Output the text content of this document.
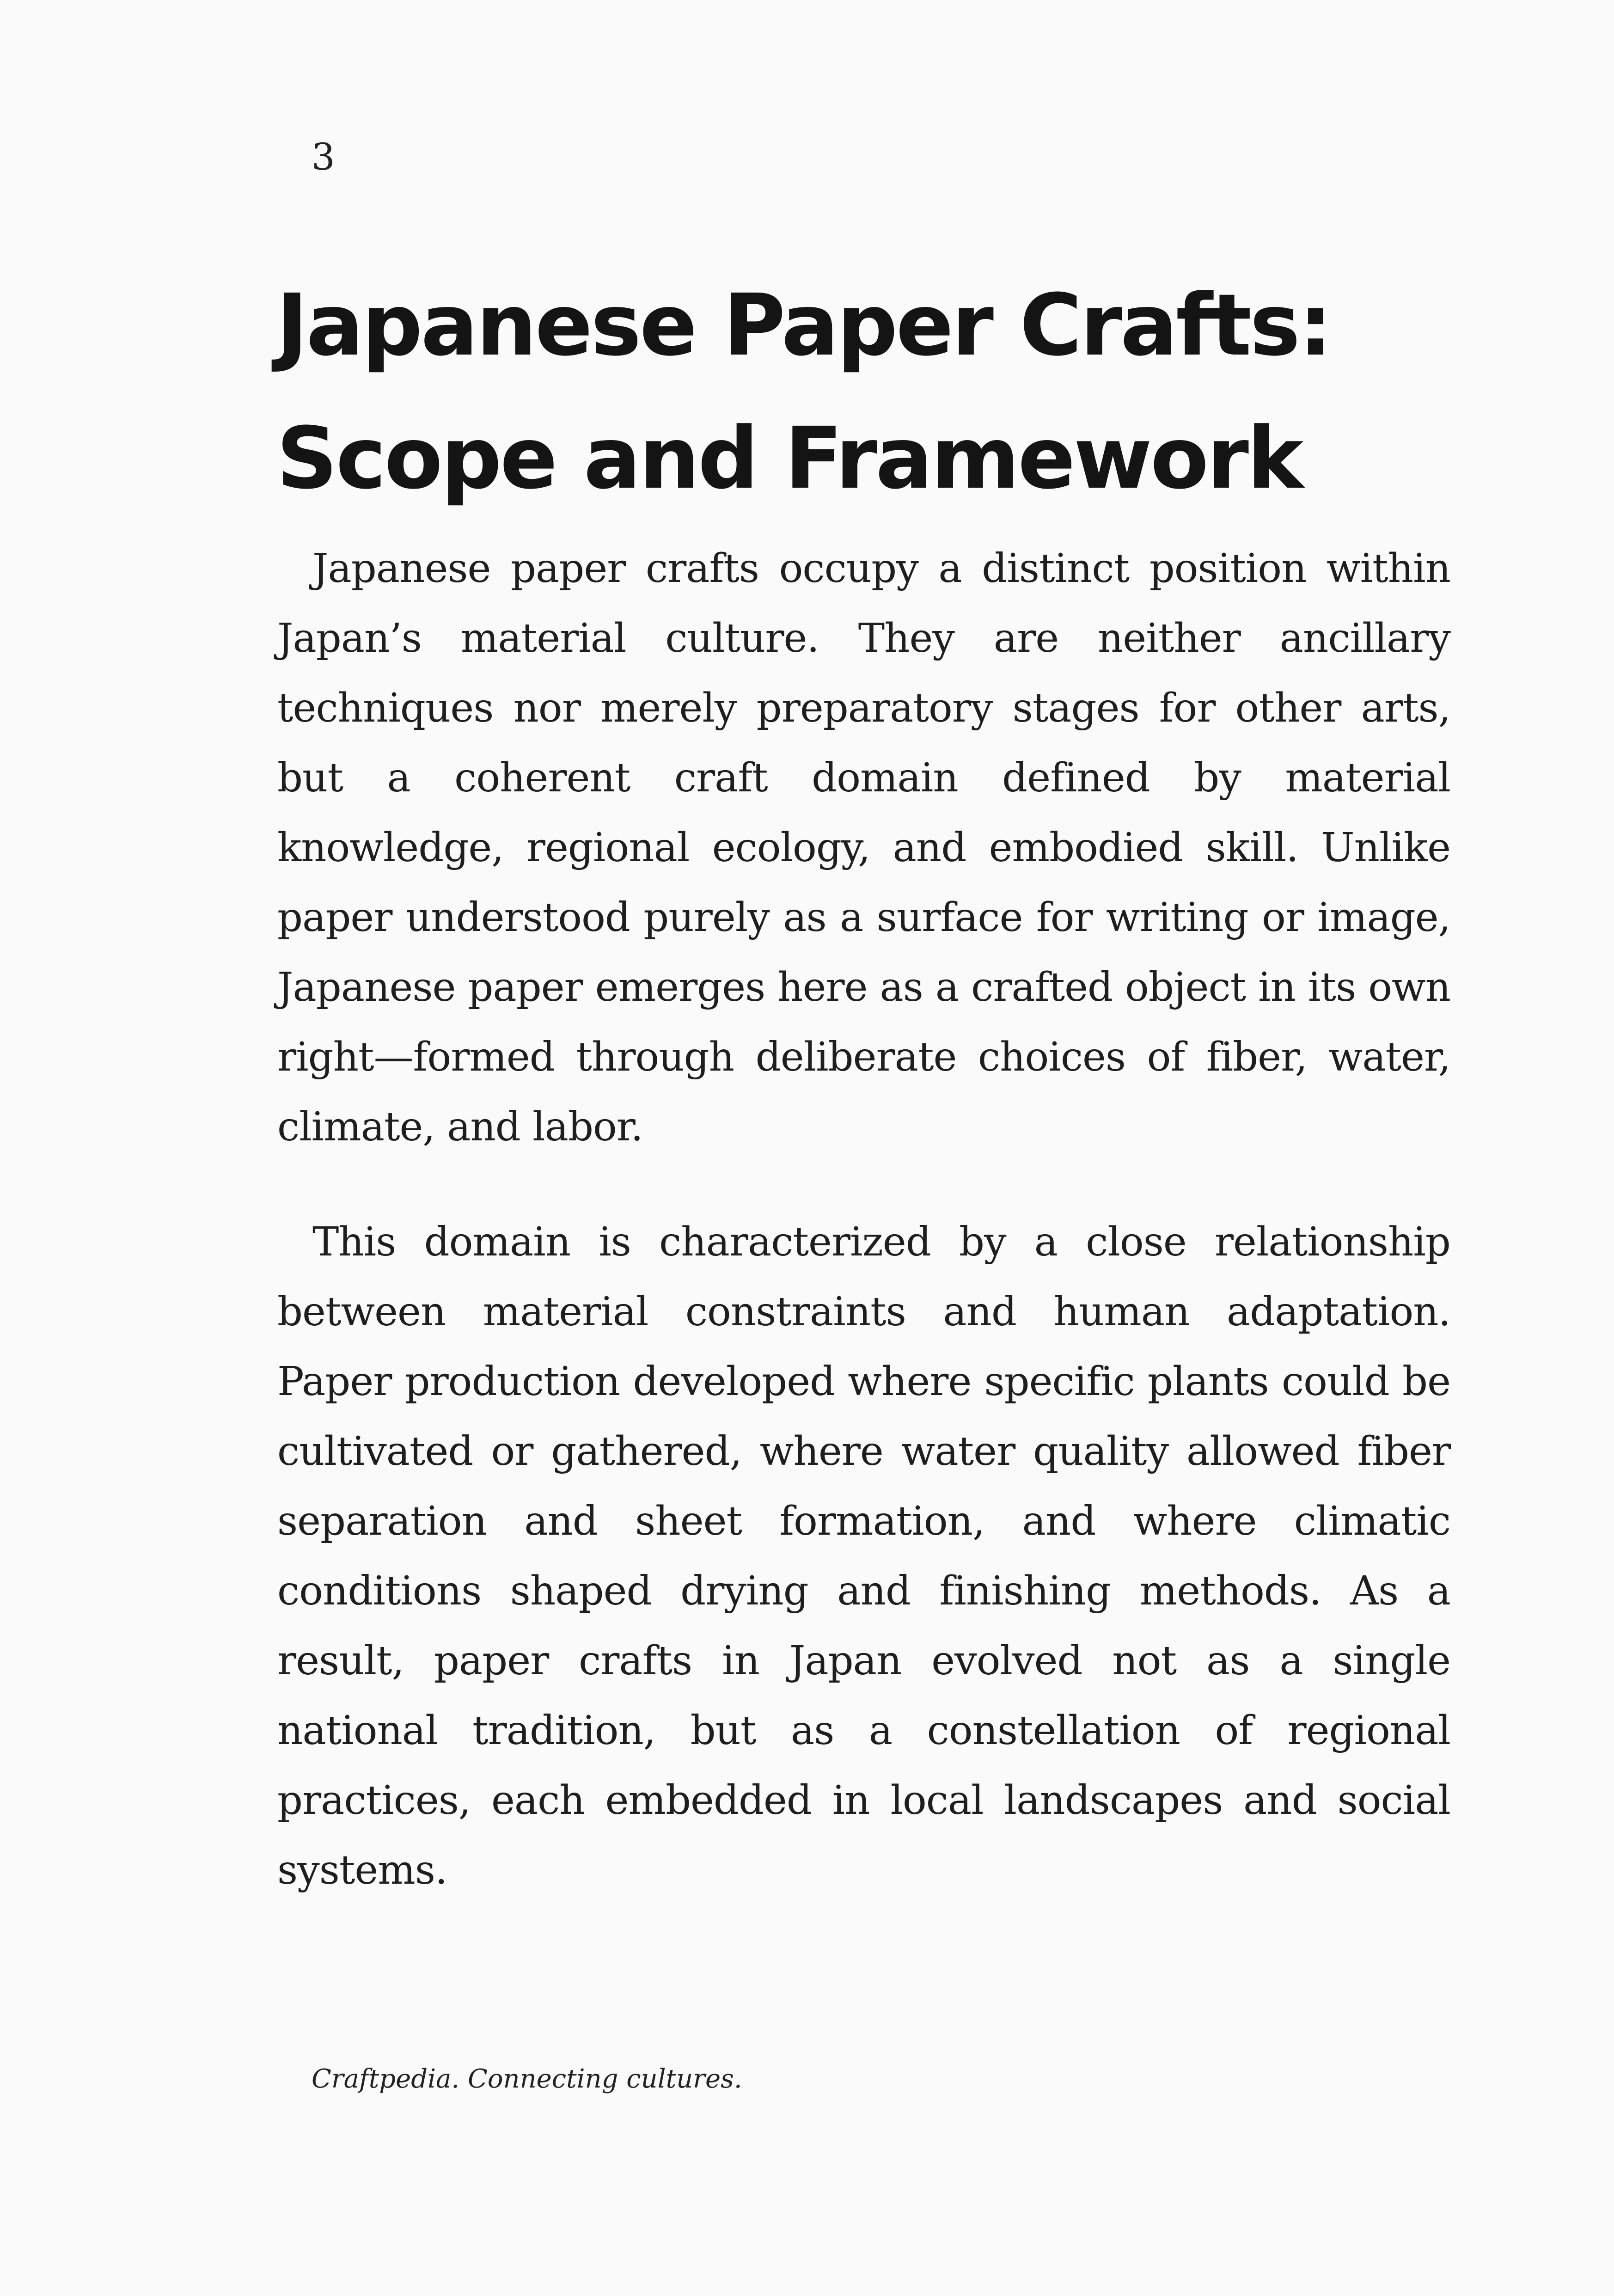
3
Japanese Paper Crafts:
Scope and Framework

Japanese paper crafts occupy a distinct position within Japan’s material culture. They are neither ancillary techniques nor merely preparatory stages for other arts, but a coherent craft domain defined by material knowledge, regional ecology, and embodied skill. Unlike paper understood purely as a surface for writing or image, Japanese paper emerges here as a crafted object in its own right—formed through deliberate choices of fiber, water, climate, and labor.

This domain is characterized by a close relationship between material constraints and human adaptation. Paper production developed where specific plants could be cultivated or gathered, where water quality allowed fiber separation and sheet formation, and where climatic conditions shaped drying and finishing methods. As a result, paper crafts in Japan evolved not as a single national tradition, but as a constellation of regional practices, each embedded in local landscapes and social systems.

Craftpedia. Connecting cultures.
